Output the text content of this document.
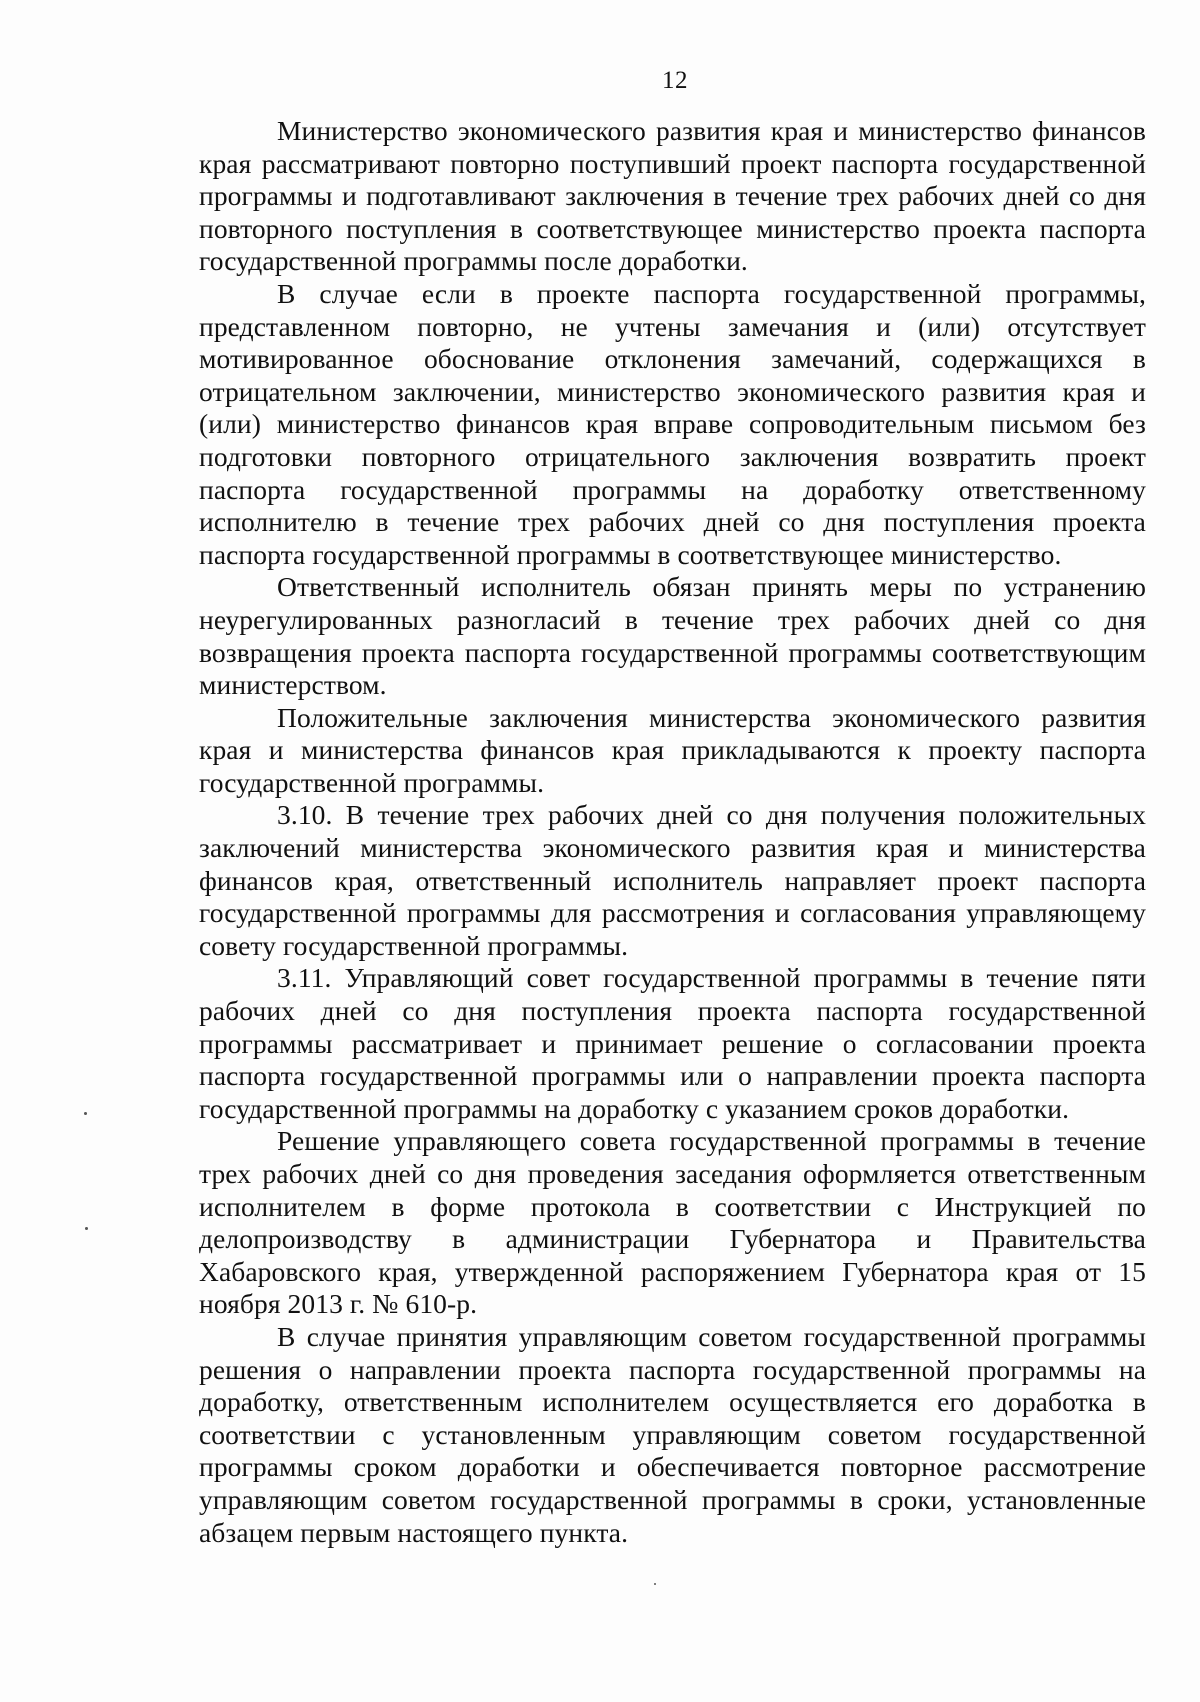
12

Министерство экономического развития края и министерство финансов края рассматривают повторно поступивший проект паспорта государственной программы и подготавливают заключения в течение трех рабочих дней со дня повторного поступления в соответствующее министерство проекта паспорта государственной программы после доработки.

В случае если в проекте паспорта государственной программы, представленном повторно, не учтены замечания и (или) отсутствует мотивированное обоснование отклонения замечаний, содержащихся в отрицательном заключении, министерство экономического развития края и (или) министерство финансов края вправе сопроводительным письмом без подготовки повторного отрицательного заключения возвратить проект паспорта государственной программы на доработку ответственному исполнителю в течение трех рабочих дней со дня поступления проекта паспорта государственной программы в соответствующее министерство.

Ответственный исполнитель обязан принять меры по устранению неурегулированных разногласий в течение трех рабочих дней со дня возвращения проекта паспорта государственной программы соответствующим министерством.

Положительные заключения министерства экономического развития края и министерства финансов края прикладываются к проекту паспорта государственной программы.

3.10. В течение трех рабочих дней со дня получения положительных заключений министерства экономического развития края и министерства финансов края, ответственный исполнитель направляет проект паспорта государственной программы для рассмотрения и согласования управляющему совету государственной программы.

3.11. Управляющий совет государственной программы в течение пяти рабочих дней со дня поступления проекта паспорта государственной программы рассматривает и принимает решение о согласовании проекта паспорта государственной программы или о направлении проекта паспорта государственной программы на доработку с указанием сроков доработки.

Решение управляющего совета государственной программы в течение трех рабочих дней со дня проведения заседания оформляется ответственным исполнителем в форме протокола в соответствии с Инструкцией по делопроизводству в администрации Губернатора и Правительства Хабаровского края, утвержденной распоряжением Губернатора края от 15 ноября 2013 г. № 610-р.

В случае принятия управляющим советом государственной программы решения о направлении проекта паспорта государственной программы на доработку, ответственным исполнителем осуществляется его доработка в соответствии с установленным управляющим советом государственной программы сроком доработки и обеспечивается повторное рассмотрение управляющим советом государственной программы в сроки, установленные абзацем первым настоящего пункта.
